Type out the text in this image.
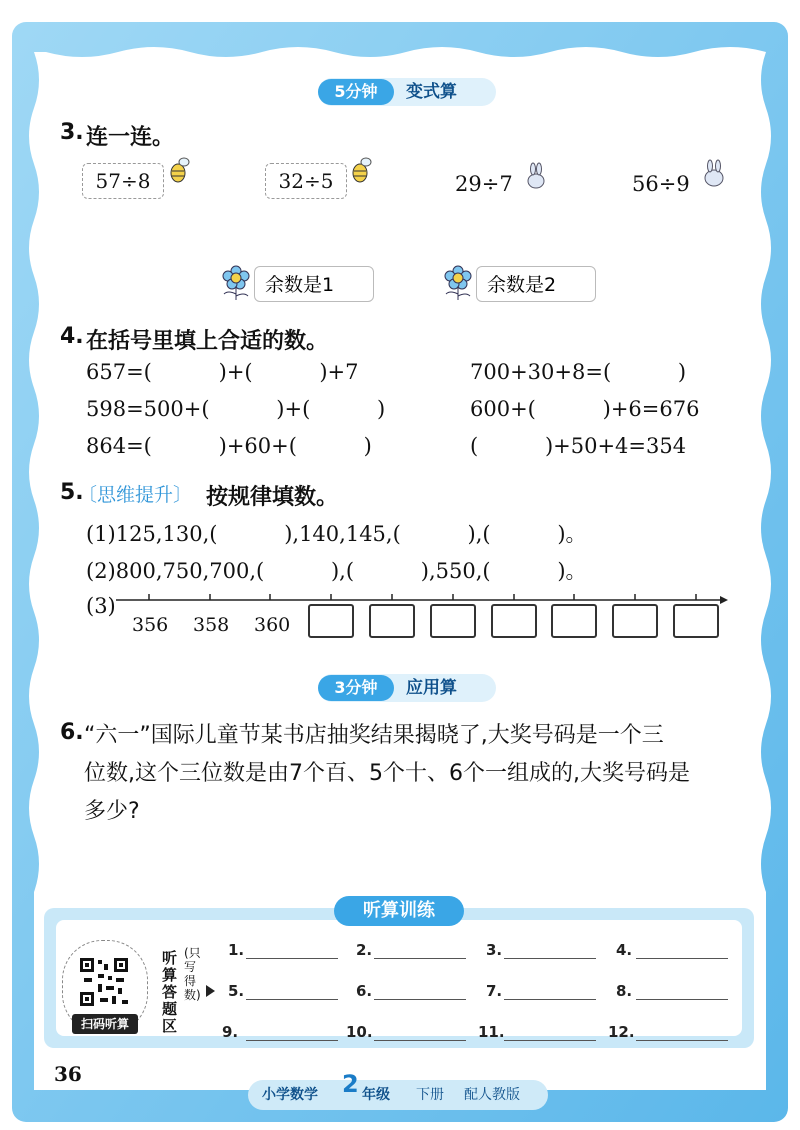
5分钟	变式算
3. 连一连。
57÷8	32÷5	29÷7	56÷9
余数是1	余数是2
4. 在括号里填上合适的数。
657=(          )+(          )+7	700+30+8=(          )
598=500+(          )+(          )	600+(          )+6=676
864=(          )+60+(          )	(          )+50+4=354
5.
〔思维提升〕 按规律填数。
(1)125,130,(          ),140,145,(          ),(          )。
(2)800,750,700,(          ),(          ),550,(          )。
(3)
356 358 360
3分钟	应用算
6. “六一”国际儿童节某书店抽奖结果揭晓了,大奖号码是一个三
位数,这个三位数是由7个百、5个十、6个一组成的,大奖号码是
多少?
听算训练
扫码听算
听算答题区
(只写得数)
1.	2.	3.	4.
5.	6.	7.	8.
9.	10.	11.	12.
36
小学数学 2 年级 下册 配人教版
